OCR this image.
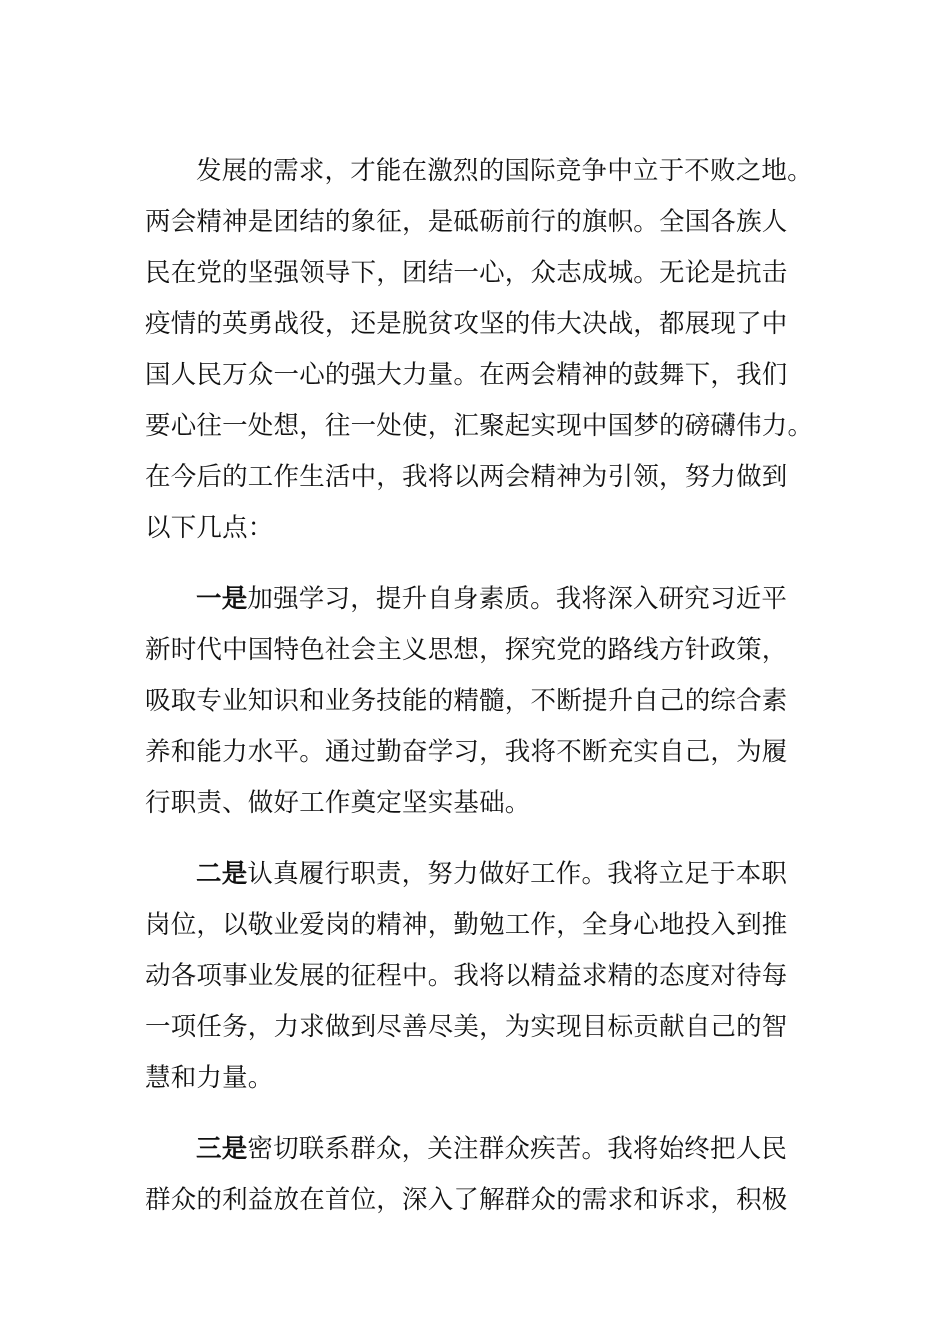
发展的需求，才能在激烈的国际竞争中立于不败之地。
两会精神是团结的象征，是砥砺前行的旗帜。全国各族人
民在党的坚强领导下，团结一心，众志成城。无论是抗击
疫情的英勇战役，还是脱贫攻坚的伟大决战，都展现了中
国人民万众一心的强大力量。在两会精神的鼓舞下，我们
要心往一处想，往一处使，汇聚起实现中国梦的磅礴伟力。
在今后的工作生活中，我将以两会精神为引领，努力做到
以下几点：

一是加强学习，提升自身素质。我将深入研究习近平
新时代中国特色社会主义思想，探究党的路线方针政策，
吸取专业知识和业务技能的精髓，不断提升自己的综合素
养和能力水平。通过勤奋学习，我将不断充实自己，为履
行职责、做好工作奠定坚实基础。

二是认真履行职责，努力做好工作。我将立足于本职
岗位，以敬业爱岗的精神，勤勉工作，全身心地投入到推
动各项事业发展的征程中。我将以精益求精的态度对待每
一项任务，力求做到尽善尽美，为实现目标贡献自己的智
慧和力量。

三是密切联系群众，关注群众疾苦。我将始终把人民
群众的利益放在首位，深入了解群众的需求和诉求，积极
